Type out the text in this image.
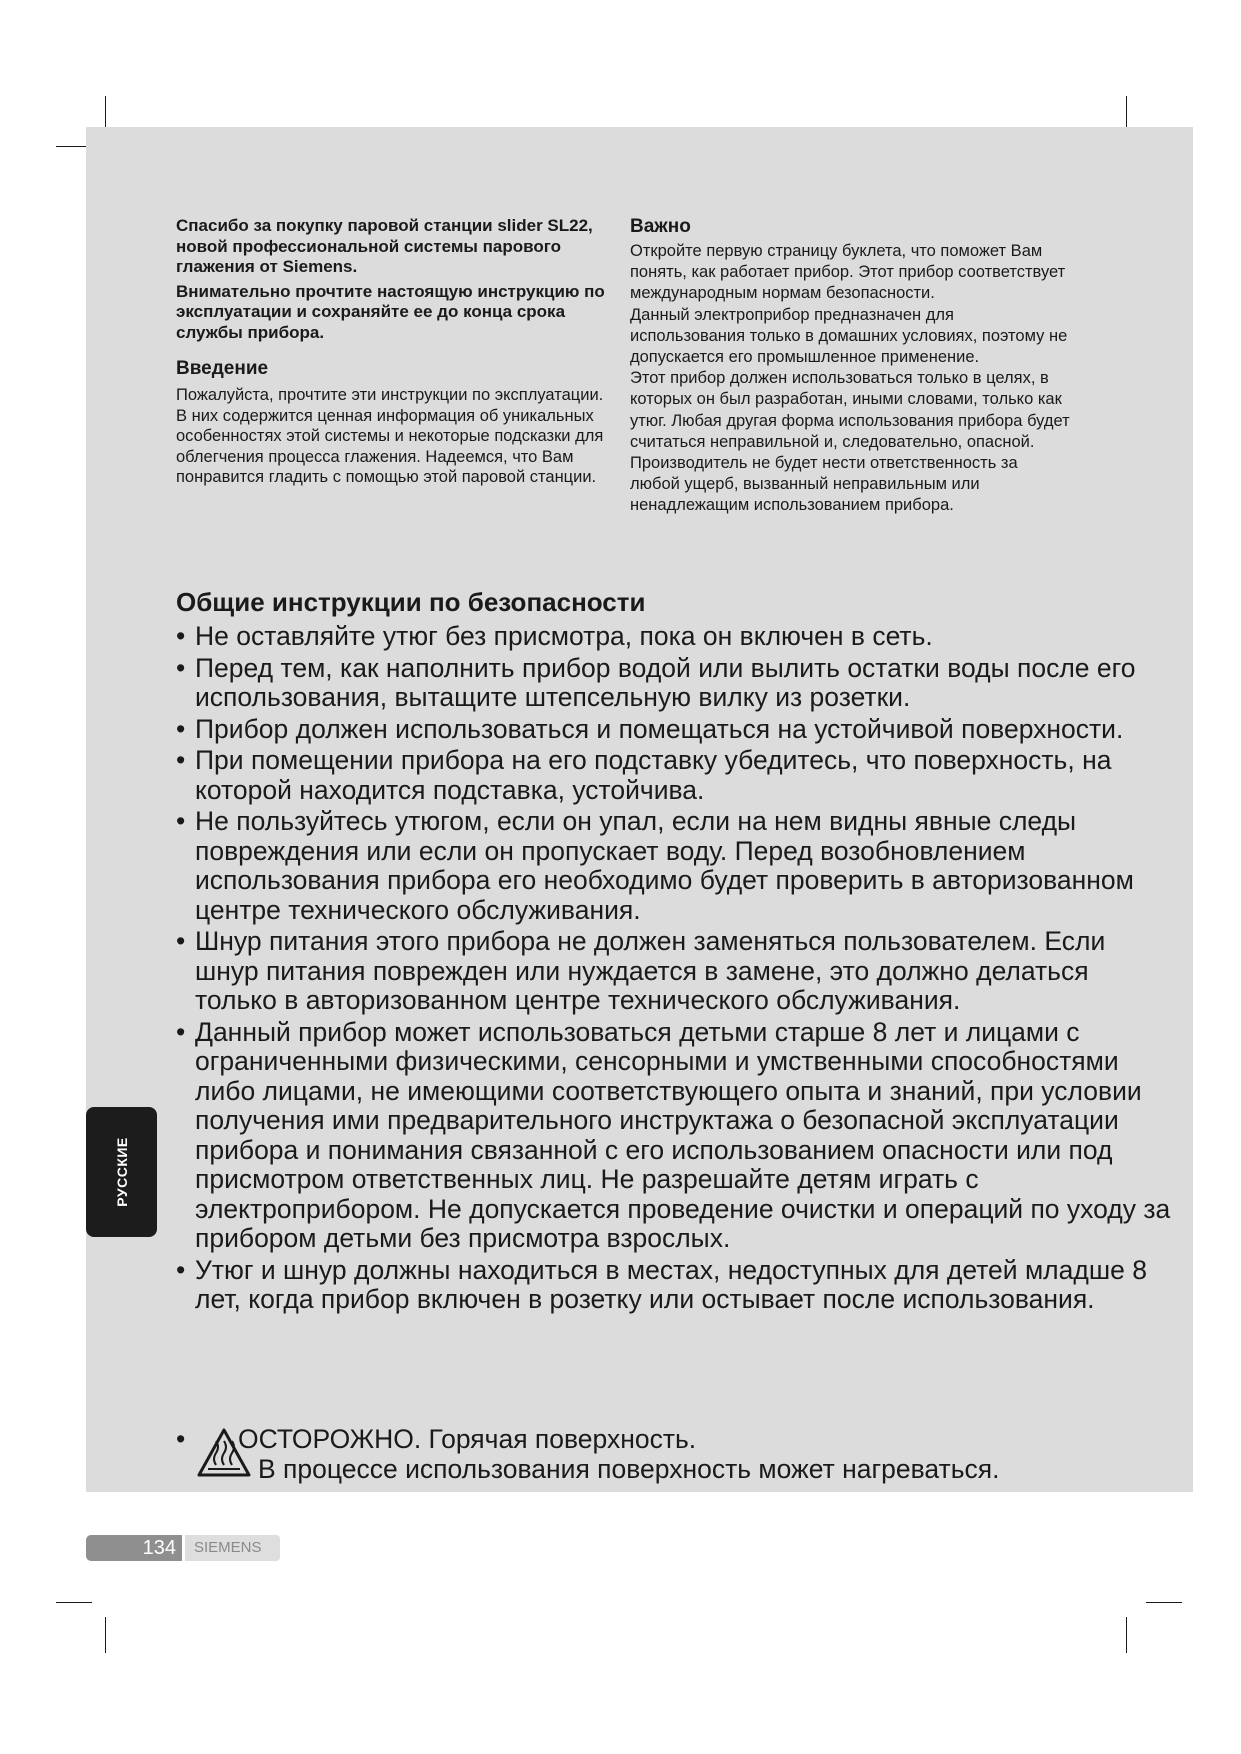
Спасибо за покупку паровой станции slider SL22, новой профессиональной системы парового глажения от Siemens.

Внимательно прочтите настоящую инструкцию по эксплуатации и сохраняйте ее до конца срока службы прибора.

Введение

Пожалуйста, прочтите эти инструкции по эксплуатации. В них содержится ценная информация об уникальных особенностях этой системы и некоторые подсказки для облегчения процесса глажения. Надеемся, что Вам понравится гладить с помощью этой паровой станции.

Важно

Откройте первую страницу буклета, что поможет Вам понять, как работает прибор. Этот прибор соответствует международным нормам безопасности.

Данный электроприбор предназначен для использования только в домашних условиях, поэтому не допускается его промышленное применение.

Этот прибор должен использоваться только в целях, в которых он был разработан, иными словами, только как утюг. Любая другая форма использования прибора будет считаться неправильной и, следовательно, опасной. Производитель не будет нести ответственность за любой ущерб, вызванный неправильным или ненадлежащим использованием прибора.

Общие инструкции по безопасности
• Не оставляйте утюг без присмотра, пока он включен в сеть.
• Перед тем, как наполнить прибор водой или вылить остатки воды после его использования, вытащите штепсельную вилку из розетки.
• Прибор должен использоваться и помещаться на устойчивой поверхности.
• При помещении прибора на его подставку убедитесь, что поверхность, на которой находится подставка, устойчива.
• Не пользуйтесь утюгом, если он упал, если на нем видны явные следы повреждения или если он пропускает воду. Перед возобновлением использования прибора его необходимо будет проверить в авторизованном центре технического обслуживания.
• Шнур питания этого прибора не должен заменяться пользователем. Если шнур питания поврежден или нуждается в замене, это должно делаться только в авторизованном центре технического обслуживания.
• Данный прибор может использоваться детьми старше 8 лет и лицами с ограниченными физическими, сенсорными и умственными способностями либо лицами, не имеющими соответствующего опыта и знаний, при условии получения ими предварительного инструктажа о безопасной эксплуатации прибора и понимания связанной с его использованием опасности или под присмотром ответственных лиц. Не разрешайте детям играть с электроприбором. Не допускается проведение очистки и операций по уходу за прибором детьми без присмотра взрослых.
• Утюг и шнур должны находиться в местах, недоступных для детей младше 8 лет, когда прибор включен в розетку или остывает после использования.
• ОСТОРОЖНО. Горячая поверхность.
В процессе использования поверхность может нагреваться.
РУССКИЕ
134	SIEMENS
